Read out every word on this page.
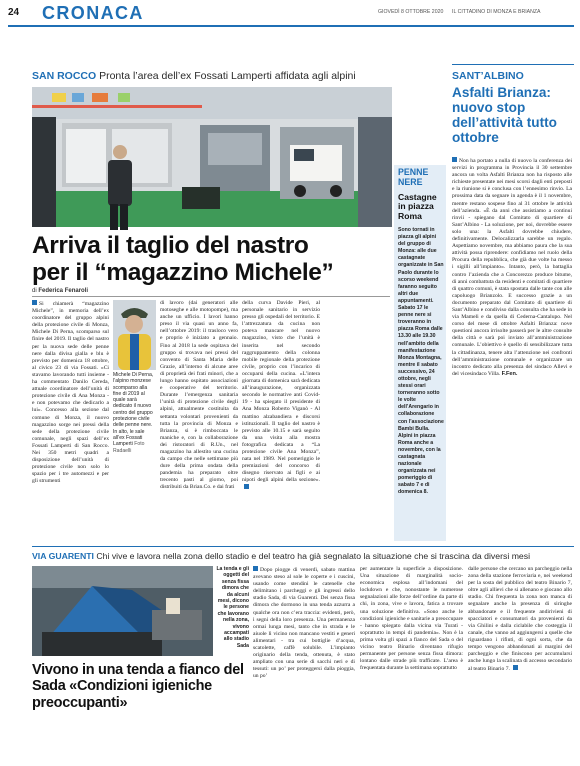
24 CRONACA	GIOVEDÌ 8 OTTOBRE 2020 IL CITTADINO DI MONZA E BRIANZA
SAN ROCCO Pronta l’area dell’ex Fossati Lamperti affidata agli alpini
Arriva il taglio del nastro
per il “magazzino Michele”
di Federica Fenaroli
Si chiamerà “magazzino Michele”, in memoria dell’ex coordinatore del gruppo alpini della protezione civile di Monza, Michele Di Perna, scomparso sul finire del 2019. Il taglio del nastro per la nuova sede delle penne nere dalla divisa gialla e blu è previsto per domenica 18 ottobre, al civico 23 di via Fossati. «Ci stavamo lavorando tutti insieme - ha commentato Danilo Cereda, attuale coordinatore dell’unità di protezione civile di Ana Monza - e non potevamo che dedicarlo a lui». Concesso alla sezione dal comune di Monza, il nuovo magazzino sorge nei pressi della sede della protezione civile comunale, negli spazi dell’ex Fossati Lamperti di San Rocco. Nei 350 metri quadri a disposizione dell’unità di protezione civile non solo lo spazio per i tre automezzi e per gli strumenti
Michele Di Perna, l’alpino monzese scomparso alla fine di 2019 al quale sarà dedicato il nuovo centro del gruppo protezione civile delle penne nere. In alto, le sale all’ex Fossati Lamperti Foto Radaelli
di lavoro (dai generatori alle motoseghe e alle motopompe), ma anche un ufficio. I lavori hanno preso il via quasi un anno fa, nell’ottobre 2019: il trasloco vero e proprio è iniziato a gennaio. Fino al 2018 la sede ospitava del gruppo si trovava nei pressi del convento di Santa Maria delle Grazie, all’interno di alcune aree di proprietà dei frati minori, che a lungo hanno ospitato associazioni e cooperative del territorio. Durante l’emergenza sanitaria l’unità di protezione civile degli alpini, attualmente costituita da settanta volontari provenienti da tutta la provincia di Monza e Brianza, si è rimboccata le maniche e, con la collaborazione dei ristoratori di R.Un., nel magazzino ha allestito una cucina da campo che nelle settimane più dure della prima ondata della pandemia ha preparato oltre trecento pasti al giorno, poi distribuiti da Brian.Co. e dai frati
della curva Davide Pieri, al personale sanitario in servizio presso gli ospedali del territorio. E l’attrezzatura da cucina non poteva mancare nel nuovo magazzino, visto che l’unità è inserita nel secondo raggruppamento della colonna mobile regionale della protezione civile, proprio con l’incarico di occuparsi della cucina. «L’intera giornata di domenica sarà dedicata all’inaugurazione, organizzata secondo le normative anti Covid-19 - ha spiegato il presidente di Ana Monza Roberto Viganò - Al mattino alzabandiera e discorsi istituzionali. Il taglio del nastro è previsto alle 10.15 e sarà seguito da una visita alla mostra fotografica dedicata a “La protezione civile Ana Monza”, nata nel 1989. Nel pomeriggio le premiazioni del concorso di disegno riservato ai figli e ai nipoti degli alpini della sezione».
PENNE NERE
Castagne in piazza Roma
Sono tornati in piazza gli alpini del gruppo di Monza: alle due castagnate organizzate in San Paolo durante lo scorso weekend faranno seguito altri due appuntamenti. Sabato 17 le penne nere si troveranno in piazza Roma dalle 13.30 alle 19.30 nell’ambito della manifestazione Monza Montagna, mentre il sabato successivo, 24 ottobre, negli stessi orari torneranno sotto le volte dell’Arengario in collaborazione con l’associazione Bambi Bulla. Alpini in piazza Roma anche a novembre, con la castagnata nazionale organizzata nei pomeriggio di sabato 7 e di domenica 8.
SANT’ALBINO
Asfalti Brianza: nuovo stop dell’attività tutto ottobre
Non ha portato a nulla di nuovo la conferenza dei servizi in programma in Provincia il 30 settembre ancora un volta Asfalti Brianza non ha risposto alle richieste presentate nei mesi scorsi dagli enti preposti e la riunione si è conclusa con l’ennesimo rinvio. La prossima data da segnare in agenda è il 1 novembre, mentre restano sospese fino al 31 ottobre le attività dell’azienda. «È da anni che assistiamo a continui rinvii - spiegano dal Comitato di quartiere di Sant’Albino - La soluzione, per noi, dovrebbe essere solo una: la Asfalti dovrebbe chiudere, definitivamente. Delocalizzarla sarebbe un regalo. Aspettiamo novembre, ma abbiamo paura che la sua attività possa riprendere: confidiamo nel ruolo della Procura della repubblica, che già due volte ha messo i sigilli all’impianto». Intanto, però, la battaglia contro l’azienda che a Concorezzo produce bitume, di anni combattuta da residenti e comitati di quartiere di quattro comuni, è stata spostata dalle tante con alle capoluogo Brianzolo. E successo grazie a un documento preparato dal Comitato di quartiere di Sant’Albino e condiviso dalla consulta che ha sede in via Mameli e da quella di Cederna-Cantalupo. Nel corso del mese di ottobre Asfalti Brianza: nove questioni ancora irrisolte passerà per le altre consulte della città e sarà poi inviato all’amministrazione comunale. L’obiettivo è quello di sensibilizzare tutta la cittadinanza, tenere alta l’attenzione nei confronti dell’amministrazione comunale e organizzare un incontro dedicato alla presenza del sindaco Allevi e del vicesindaco Villa. F.Fen.
VIA GUARENTI Chi vive e lavora nella zona dello stadio e del teatro ha già segnalato la situazione che si trascina da diversi mesi
La tenda e gli oggetti del senza fissa dimora che da alcuni mesi, dicono le persone che lavorano nella zona, vivono accampati allo stadio Sada
Vivono in una tenda a fianco del Sada «Condizioni igieniche preoccupanti»
Dopo piogge di venerdì, sabato mattina avevano steso al sole le coperte e i cuscini, usando come stendini le catenelle che delimitano i parcheggi e gli ingressi dello stadio Sada, di via Guarenti. Dei senza fissa dimora che dormono in una tenda azzurra a qualche ora non c’era traccia: evidenti, però, i segni della loro presenza. Una permanenza ormai lunga mesi, tanto che in strada e le aiuole lì vicino non mancano vestiti e generi alimentari - tra cui bottiglie d’acqua, scatolette, caffè solubile. L’impianto originario della tenda, ottenuta, è stato ampliato con una serie di sacchi neri e di tessuti: un po’ per proteggersi dalla pioggia, un po’
per aumentare la superficie a disposizione. Una situazione di marginalità socio-economica esplosa all’indomani del lockdown e che, nonostante le numerose segnalazioni alle forze dell’ordine da parte di chi, in zona, vive e lavora, fatica a trovare una soluzione definitiva. «Sono anche le condizioni igieniche e sanitarie a preoccupare - hanno spiegato dalla vicina via Turati - soprattutto in tempi di pandemia». Non è la prima volta gli spazi a fianco del Sada o del vicino teatro Binario diventano rifugio permanente per persone senza fissa dimora: lontano dalle strade più trafficate. L’area è frequentata durante la settimana soprattutto
dalle persone che cercano un parcheggio nella zona della stazione ferroviaria e, nei weekend per la sosta del pubblico del teatro Binario 7, oltre agli allievi che si allenano e giocano allo stadio. Chi frequenta la zona non manca di segnalare anche la presenza di siringhe abbandonate e il frequente andirivieni di spacciatori e consumatori da provenienti da via Ghilini e dalla ciclabile che costeggia il canale, che vanno ad aggiungersi a quelle che riguardano i rifiuti, di ogni sorta, che da tempo vengono abbandonati ai margini del parcheggio e che finiscono per accumularsi anche lungo la scalinata di accesso secondario al teatro Binario 7.
